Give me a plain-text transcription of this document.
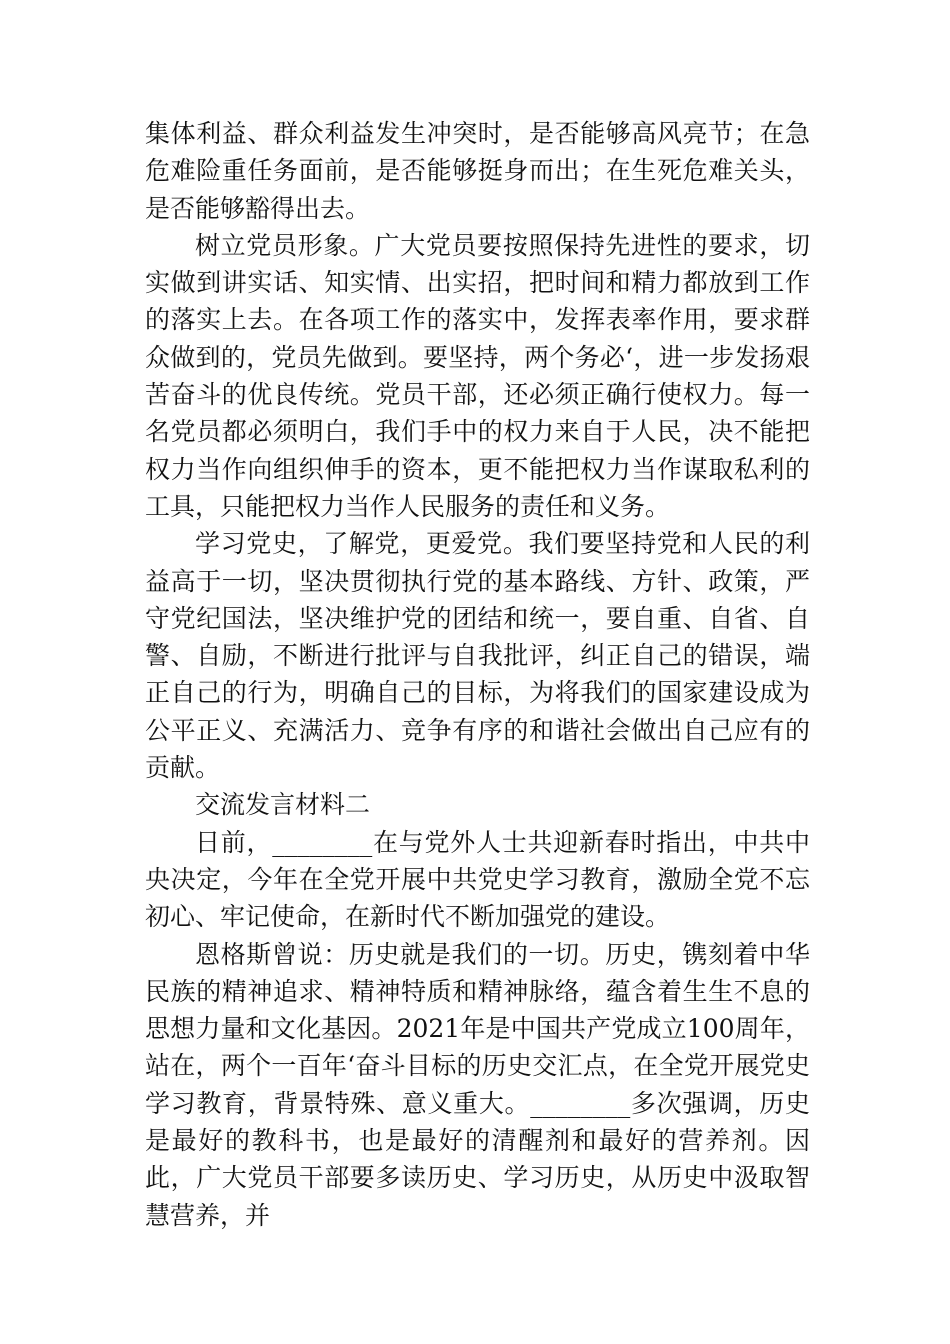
集体利益、群众利益发生冲突时，是否能够高风亮节；在急危难险重任务面前，是否能够挺身而出；在生死危难关头，是否能够豁得出去。

树立党员形象。广大党员要按照保持先进性的要求，切实做到讲实话、知实情、出实招，把时间和精力都放到工作的落实上去。在各项工作的落实中，发挥表率作用，要求群众做到的，党员先做到。要坚持，两个务必‘，进一步发扬艰苦奋斗的优良传统。党员干部，还必须正确行使权力。每一名党员都必须明白，我们手中的权力来自于人民，决不能把权力当作向组织伸手的资本，更不能把权力当作谋取私利的工具，只能把权力当作人民服务的责任和义务。

学习党史，了解党，更爱党。我们要坚持党和人民的利益高于一切，坚决贯彻执行党的基本路线、方针、政策，严守党纪国法，坚决维护党的团结和统一，要自重、自省、自警、自励，不断进行批评与自我批评，纠正自己的错误，端正自己的行为，明确自己的目标，为将我们的国家建设成为公平正义、充满活力、竞争有序的和谐社会做出自己应有的贡献。

交流发言材料二

日前，________在与党外人士共迎新春时指出，中共中央决定，今年在全党开展中共党史学习教育，激励全党不忘初心、牢记使命，在新时代不断加强党的建设。

恩格斯曾说：历史就是我们的一切。历史，镌刻着中华民族的精神追求、精神特质和精神脉络，蕴含着生生不息的思想力量和文化基因。2021年是中国共产党成立100周年，站在，两个一百年‘奋斗目标的历史交汇点，在全党开展党史学习教育，背景特殊、意义重大。________多次强调，历史是最好的教科书，也是最好的清醒剂和最好的营养剂。因此，广大党员干部要多读历史、学习历史，从历史中汲取智慧营养，并
